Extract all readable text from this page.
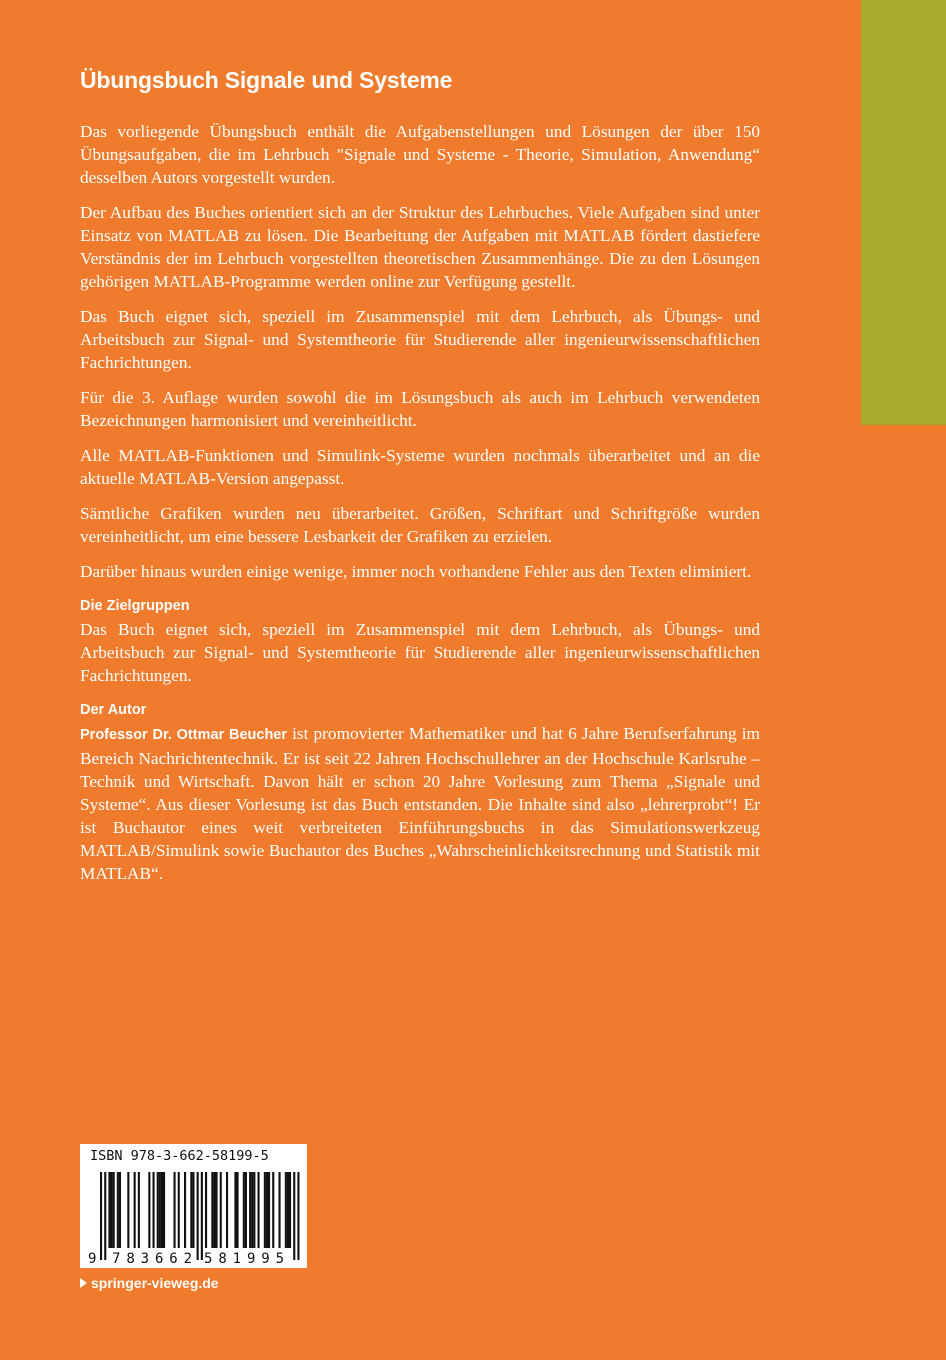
Übungsbuch Signale und Systeme

Das vorliegende Übungsbuch enthält die Aufgabenstellungen und Lösungen der über 150 Übungsaufgaben, die im Lehrbuch "Signale und Systeme - Theorie, Simulation, Anwendung“ desselben Autors vorgestellt wurden.

Der Aufbau des Buches orientiert sich an der Struktur des Lehrbuches. Viele Aufgaben sind unter Einsatz von MATLAB zu lösen. Die Bearbeitung der Aufgaben mit MATLAB fördert dastiefere Verständnis der im Lehrbuch vorgestellten theoretischen Zusammenhänge. Die zu den Lösungen gehörigen MATLAB-Programme werden online zur Verfügung gestellt.

Das Buch eignet sich, speziell im Zusammenspiel mit dem Lehrbuch, als Übungs- und Arbeitsbuch zur Signal- und Systemtheorie für Studierende aller ingenieurwissenschaftlichen Fachrichtungen.

Für die 3. Auflage wurden sowohl die im Lösungsbuch als auch im Lehrbuch verwendeten Bezeichnungen harmonisiert und vereinheitlicht.

Alle MATLAB-Funktionen und Simulink-Systeme wurden nochmals überarbeitet und an die aktuelle MATLAB-Version angepasst.

Sämtliche Grafiken wurden neu überarbeitet. Größen, Schriftart und Schriftgröße wurden vereinheitlicht, um eine bessere Lesbarkeit der Grafiken zu erzielen.

Darüber hinaus wurden einige wenige, immer noch vorhandene Fehler aus den Texten eliminiert.

Die Zielgruppen

Das Buch eignet sich, speziell im Zusammenspiel mit dem Lehrbuch, als Übungs- und Arbeitsbuch zur Signal- und Systemtheorie für Studierende aller ingenieurwissenschaftlichen Fachrichtungen.

Der Autor

Professor Dr. Ottmar Beucher ist promovierter Mathematiker und hat 6 Jahre Berufserfahrung im Bereich Nachrichtentechnik. Er ist seit 22 Jahren Hochschullehrer an der Hochschule Karlsruhe – Technik und Wirtschaft. Davon hält er schon 20 Jahre Vorlesung zum Thema „Signale und Systeme“. Aus dieser Vorlesung ist das Buch entstanden. Die Inhalte sind also „lehrerprobt“! Er ist Buchautor eines weit verbreiteten Einführungsbuchs in das Simulationswerkzeug MATLAB/Simulink sowie Buchautor des Buches „Wahrscheinlichkeitsrechnung und Statistik mit MATLAB“.

ISBN 978-3-662-58199-5
9 783662 581995
springer-vieweg.de
